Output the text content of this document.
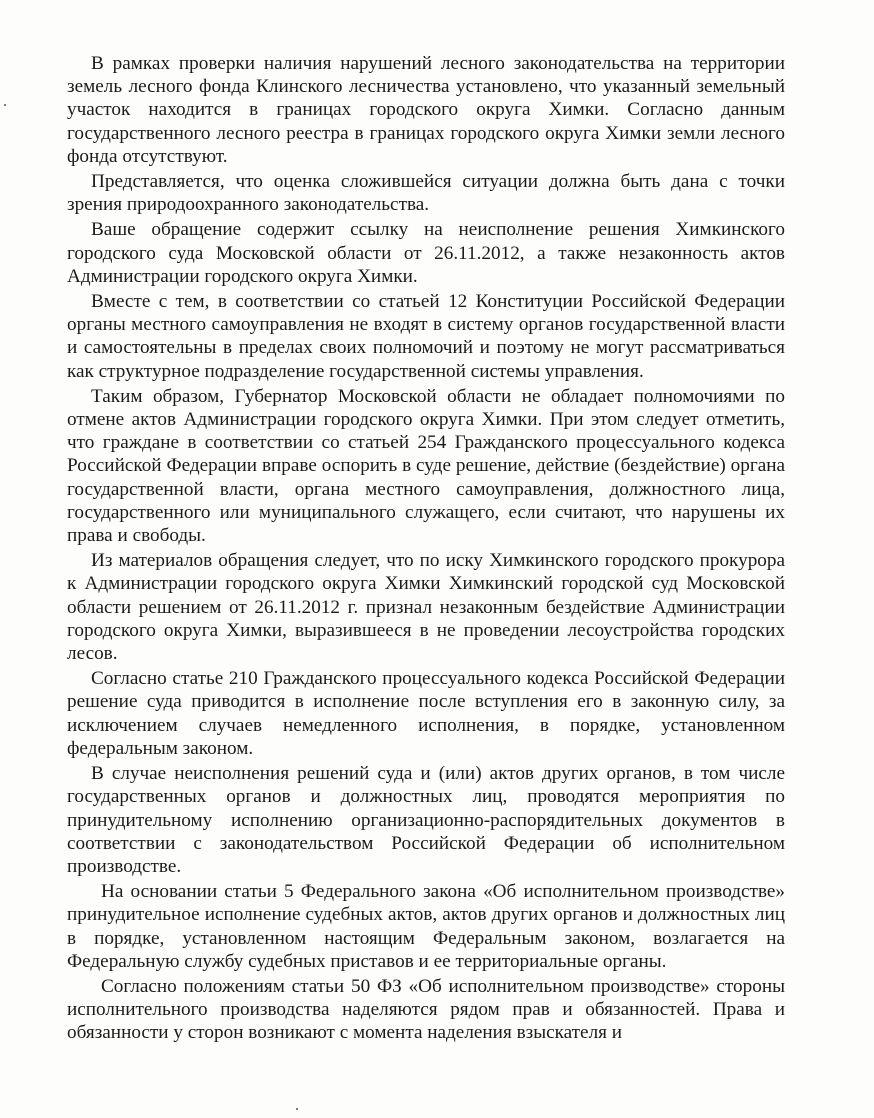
В рамках проверки наличия нарушений лесного законодательства на территории земель лесного фонда Клинского лесничества установлено, что указанный земельный участок находится в границах городского округа Химки. Согласно данным государственного лесного реестра в границах городского округа Химки земли лесного фонда отсутствуют.

Представляется, что оценка сложившейся ситуации должна быть дана с точки зрения природоохранного законодательства.

Ваше обращение содержит ссылку на неисполнение решения Химкинского городского суда Московской области от 26.11.2012, а также незаконность актов Администрации городского округа Химки.

Вместе с тем, в соответствии со статьей 12 Конституции Российской Федерации органы местного самоуправления не входят в систему органов государственной власти и самостоятельны в пределах своих полномочий и поэтому не могут рассматриваться как структурное подразделение государственной системы управления.

Таким образом, Губернатор Московской области не обладает полномочиями по отмене актов Администрации городского округа Химки. При этом следует отметить, что граждане в соответствии со статьей 254 Гражданского процессуального кодекса Российской Федерации вправе оспорить в суде решение, действие (бездействие) органа государственной власти, органа местного самоуправления, должностного лица, государственного или муниципального служащего, если считают, что нарушены их права и свободы.

Из материалов обращения следует, что по иску Химкинского городского прокурора к Администрации городского округа Химки Химкинский городской суд Московской области решением от 26.11.2012 г. признал незаконным бездействие Администрации городского округа Химки, выразившееся в не проведении лесоустройства городских лесов.

Согласно статье 210 Гражданского процессуального кодекса Российской Федерации решение суда приводится в исполнение после вступления его в законную силу, за исключением случаев немедленного исполнения, в порядке, установленном федеральным законом.

В случае неисполнения решений суда и (или) актов других органов, в том числе государственных органов и должностных лиц, проводятся мероприятия по принудительному исполнению организационно-распорядительных документов в соответствии с законодательством Российской Федерации об исполнительном производстве.

На основании статьи 5 Федерального закона «Об исполнительном производстве» принудительное исполнение судебных актов, актов других органов и должностных лиц в порядке, установленном настоящим Федеральным законом, возлагается на Федеральную службу судебных приставов и ее территориальные органы.

Согласно положениям статьи 50 ФЗ «Об исполнительном производстве» стороны исполнительного производства наделяются рядом прав и обязанностей. Права и обязанности у сторон возникают с момента наделения взыскателя и
